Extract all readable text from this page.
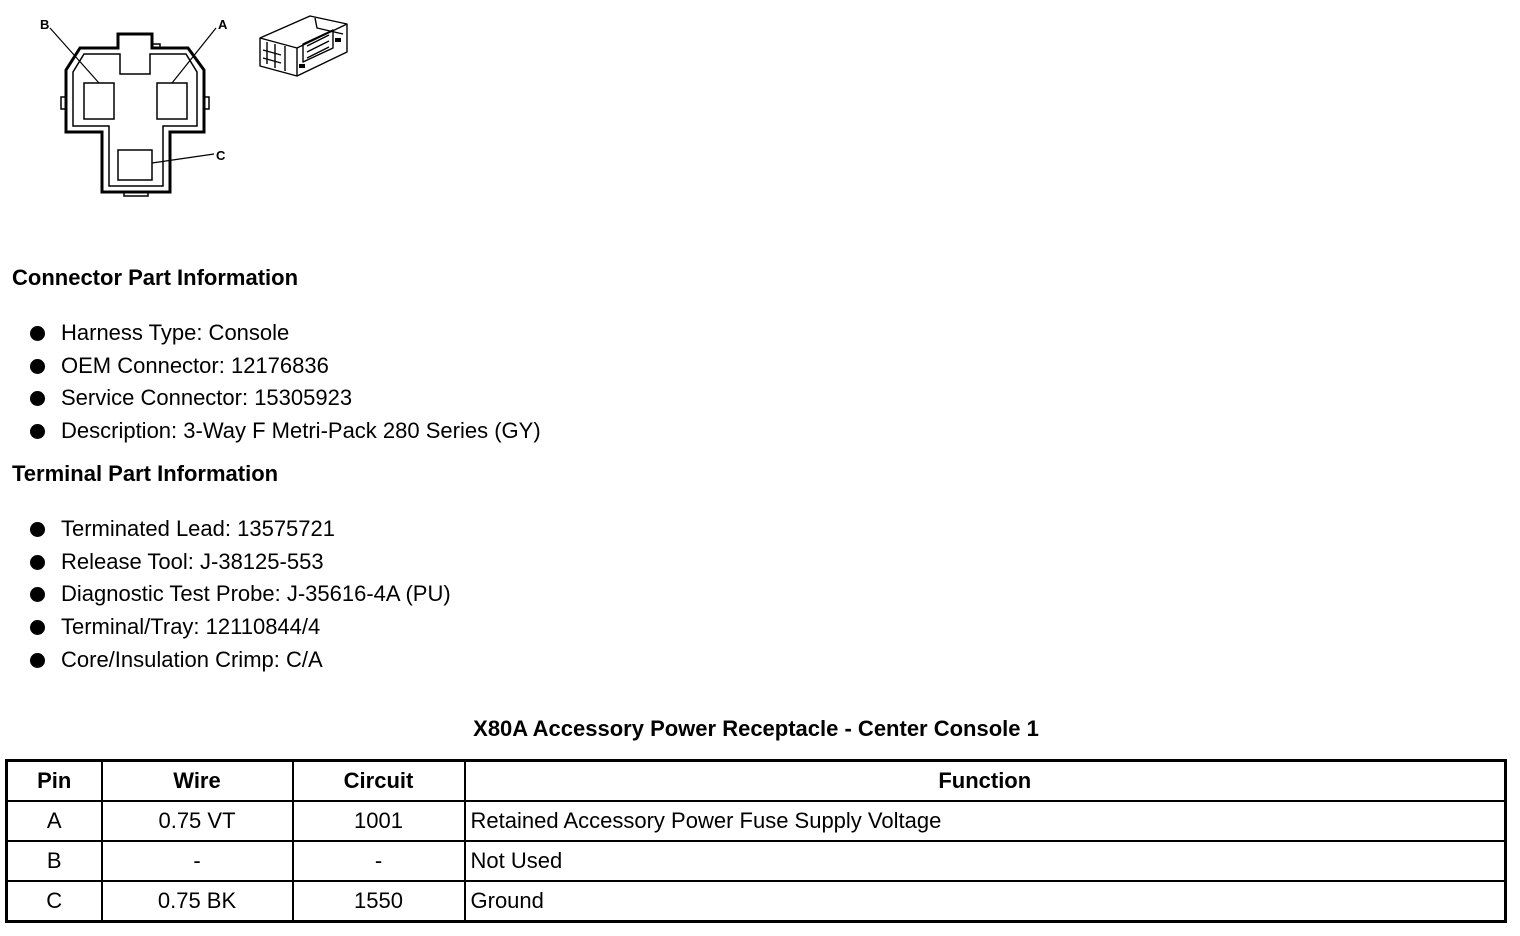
B	A
C
Connector Part Information
Harness Type: Console
OEM Connector: 12176836
Service Connector: 15305923
Description: 3-Way F Metri-Pack 280 Series (GY)
Terminal Part Information
Terminated Lead: 13575721
Release Tool: J-38125-553
Diagnostic Test Probe: J-35616-4A (PU)
Terminal/Tray: 12110844/4
Core/Insulation Crimp: C/A
X80A Accessory Power Receptacle - Center Console 1
Pin	Wire	Circuit	Function
A	0.75 VT	1001	Retained Accessory Power Fuse Supply Voltage
B	-	-	Not Used
C	0.75 BK	1550	Ground
